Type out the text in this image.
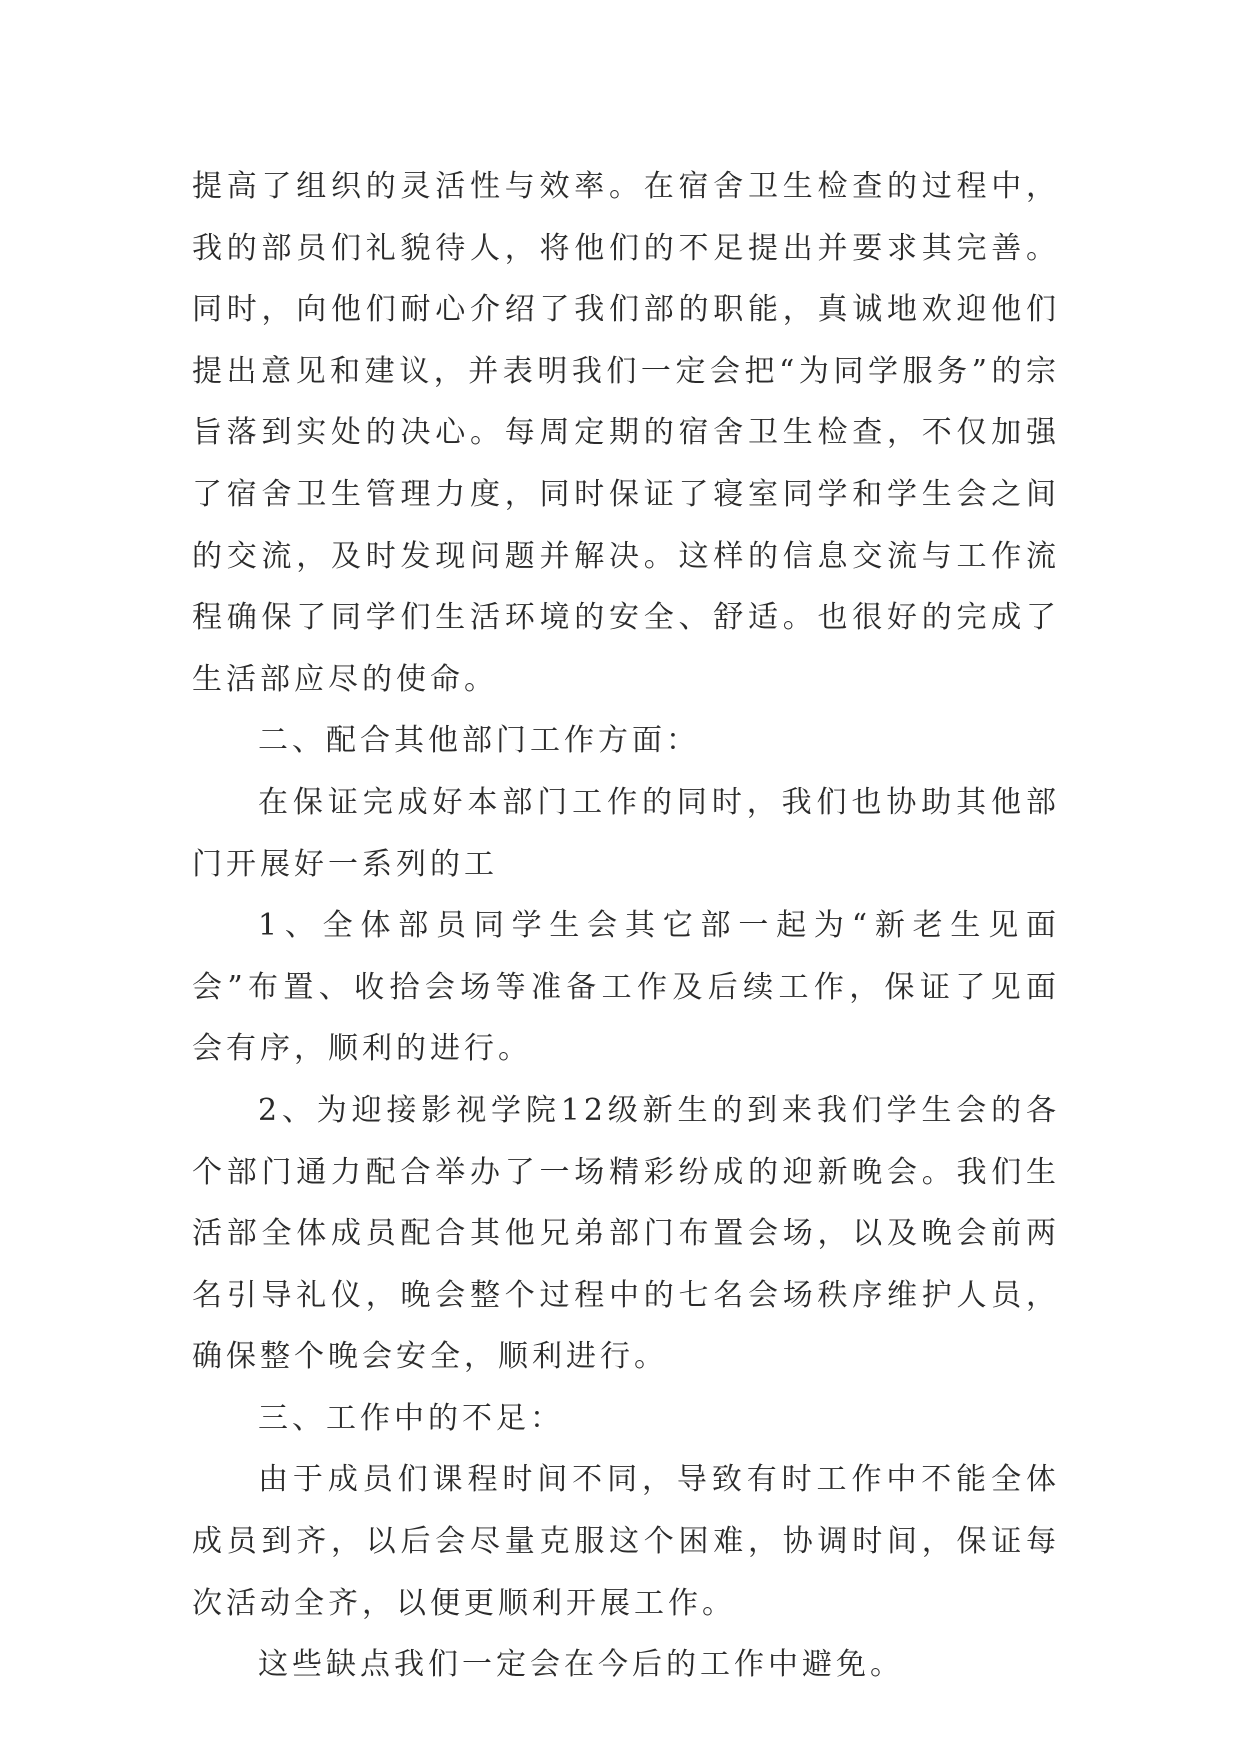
提高了组织的灵活性与效率。在宿舍卫生检查的过程中，我的部员们礼貌待人，将他们的不足提出并要求其完善。同时，向他们耐心介绍了我们部的职能，真诚地欢迎他们提出意见和建议，并表明我们一定会把“为同学服务”的宗旨落到实处的决心。每周定期的宿舍卫生检查，不仅加强了宿舍卫生管理力度，同时保证了寝室同学和学生会之间的交流，及时发现问题并解决。这样的信息交流与工作流程确保了同学们生活环境的安全、舒适。也很好的完成了生活部应尽的使命。

二、配合其他部门工作方面：

在保证完成好本部门工作的同时，我们也协助其他部门开展好一系列的工

1、全体部员同学生会其它部一起为“新老生见面会”布置、收拾会场等准备工作及后续工作，保证了见面会有序，顺利的进行。

2、为迎接影视学院12级新生的到来我们学生会的各个部门通力配合举办了一场精彩纷成的迎新晚会。我们生活部全体成员配合其他兄弟部门布置会场，以及晚会前两名引导礼仪，晚会整个过程中的七名会场秩序维护人员，确保整个晚会安全，顺利进行。

三、工作中的不足：

由于成员们课程时间不同，导致有时工作中不能全体成员到齐，以后会尽量克服这个困难，协调时间，保证每次活动全齐，以便更顺利开展工作。

这些缺点我们一定会在今后的工作中避免。
